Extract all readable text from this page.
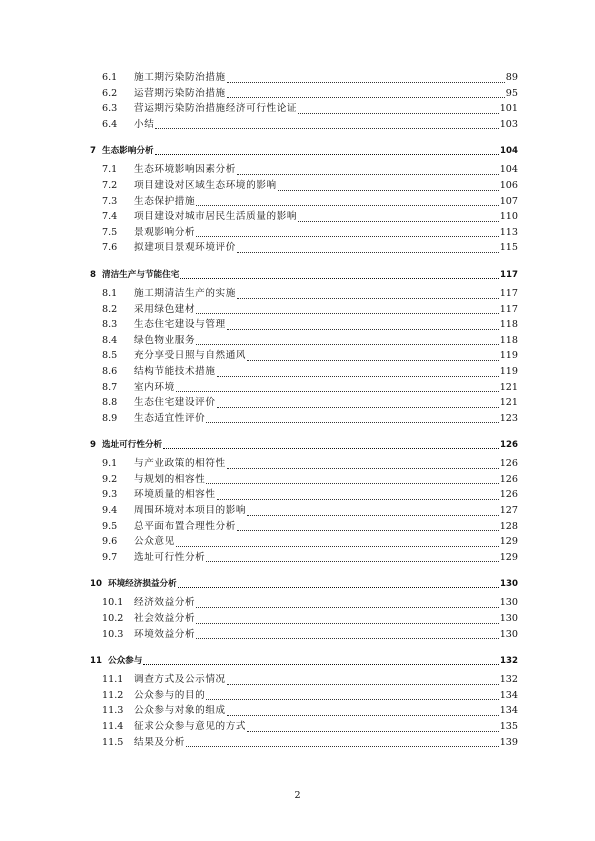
6.1	施工期污染防治措施	89
6.2	运营期污染防治措施	95
6.3	营运期污染防治措施经济可行性论证	101
6.4	小结	103
7 生态影响分析	104
7.1	生态环境影响因素分析	104
7.2	项目建设对区域生态环境的影响	106
7.3	生态保护措施	107
7.4	项目建设对城市居民生活质量的影响	110
7.5	景观影响分析	113
7.6	拟建项目景观环境评价	115
8 清洁生产与节能住宅	117
8.1	施工期清洁生产的实施	117
8.2	采用绿色建材	117
8.3	生态住宅建设与管理	118
8.4	绿色物业服务	118
8.5	充分享受日照与自然通风	119
8.6	结构节能技术措施	119
8.7	室内环境	121
8.8	生态住宅建设评价	121
8.9	生态适宜性评价	123
9 选址可行性分析	126
9.1	与产业政策的相符性	126
9.2	与规划的相容性	126
9.3	环境质量的相容性	126
9.4	周围环境对本项目的影响	127
9.5	总平面布置合理性分析	128
9.6	公众意见	129
9.7	选址可行性分析	129
10 环境经济损益分析	130
10.1	经济效益分析	130
10.2	社会效益分析	130
10.3	环境效益分析	130
11 公众参与	132
11.1	调查方式及公示情况	132
11.2	公众参与的目的	134
11.3	公众参与对象的组成	134
11.4	征求公众参与意见的方式	135
11.5	结果及分析	139
2
